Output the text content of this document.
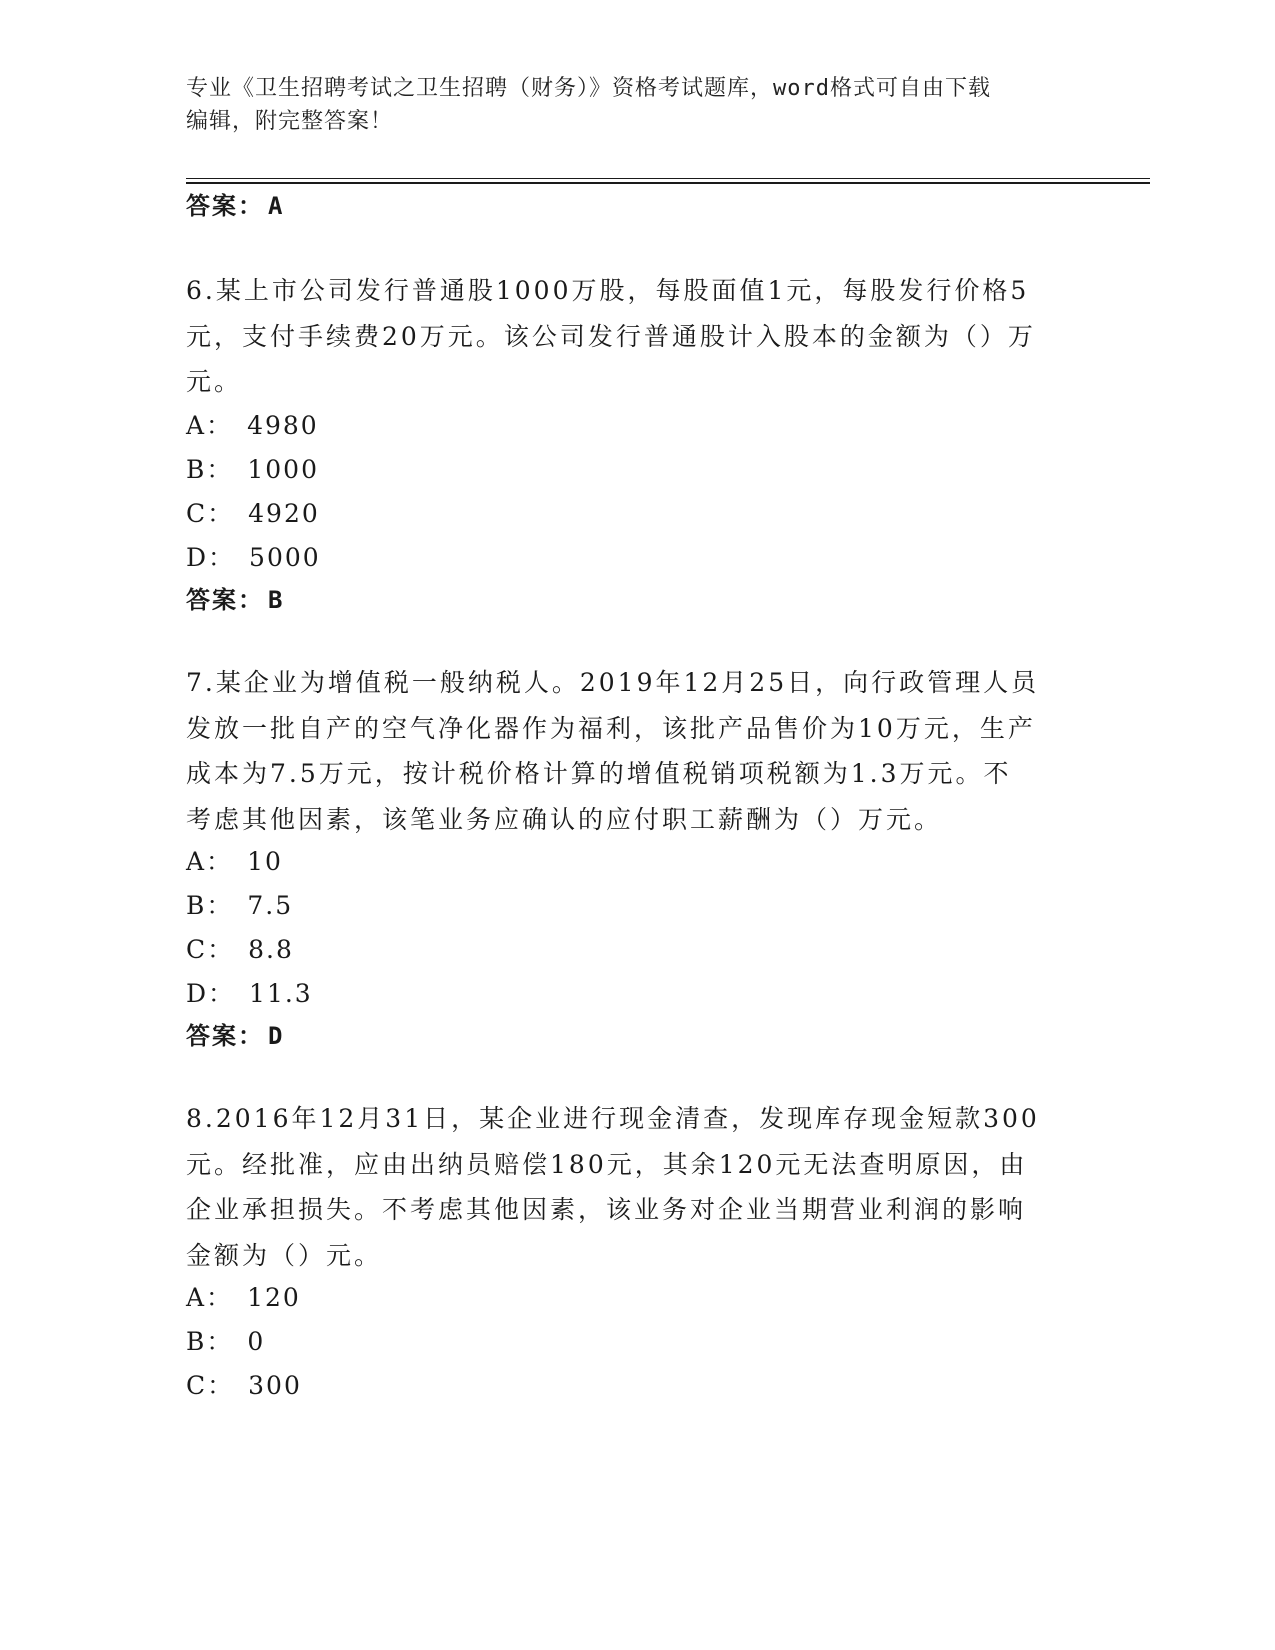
专业《卫生招聘考试之卫生招聘（财务）》资格考试题库，word格式可自由下载
编辑，附完整答案！
答案： A
6.某上市公司发行普通股1000万股，每股面值1元，每股发行价格5
元，支付手续费20万元。该公司发行普通股计入股本的金额为（）万
元。
A： 4980
B： 1000
C： 4920
D： 5000
答案： B
7.某企业为增值税一般纳税人。2019年12月25日，向行政管理人员
发放一批自产的空气净化器作为福利，该批产品售价为10万元，生产
成本为7.5万元，按计税价格计算的增值税销项税额为1.3万元。不
考虑其他因素，该笔业务应确认的应付职工薪酬为（）万元。
A： 10
B： 7.5
C： 8.8
D： 11.3
答案： D
8.2016年12月31日，某企业进行现金清查，发现库存现金短款300
元。经批准，应由出纳员赔偿180元，其余120元无法查明原因，由
企业承担损失。不考虑其他因素，该业务对企业当期营业利润的影响
金额为（）元。
A： 120
B： 0
C： 300
